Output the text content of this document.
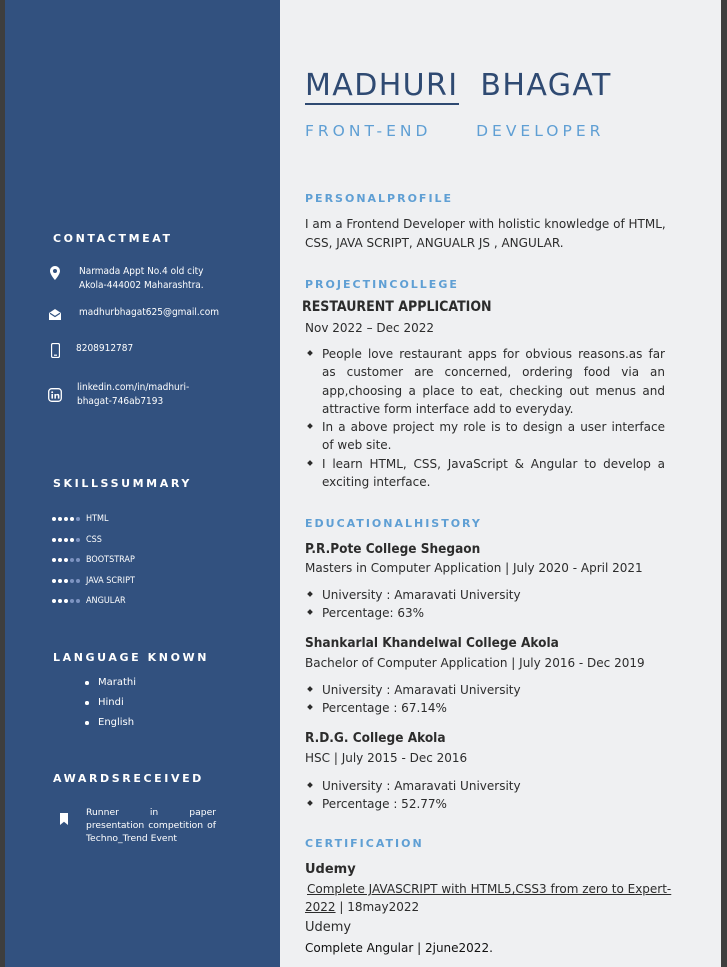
CONTACTMEAT
Narmada Appt No.4 old city
Akola-444002 Maharashtra.
madhurbhagat625@gmail.com
8208912787
linkedin.com/in/madhuri-
bhagat-746ab7193
SKILLSSUMMARY
HTML
CSS
BOOTSTRAP
JAVA SCRIPT
ANGULAR
LANGUAGE KNOWN
Marathi
Hindi
English
AWARDSRECEIVED
Runner in paper presentation competition of Techno_Trend Event
MADHURI BHAGAT
FRONT-END	DEVELOPER
PERSONALPROFILE
I am a Frontend Developer with holistic knowledge of HTML, CSS, JAVA SCRIPT, ANGUALR JS , ANGULAR.
PROJECTINCOLLEGE
RESTAURENT APPLICATION
Nov 2022 – Dec 2022
People love restaurant apps for obvious reasons.as far as customer are concerned, ordering food via an app,choosing a place to eat, checking out menus and attractive form interface add to everyday.
In a above project my role is to design a user interface of web site.
I learn HTML, CSS, JavaScript & Angular to develop a exciting interface.
EDUCATIONALHISTORY
P.R.Pote College Shegaon
Masters in Computer Application | July 2020 - April 2021
University : Amaravati University
Percentage: 63%
Shankarlal Khandelwal College Akola
Bachelor of Computer Application | July 2016 - Dec 2019
University : Amaravati University
Percentage : 67.14%
R.D.G. College Akola
HSC | July 2015 - Dec 2016
University : Amaravati University
Percentage : 52.77%
CERTIFICATION
Udemy
Complete JAVASCRIPT with HTML5,CSS3 from zero to Expert-
2022 | 18may2022
Udemy
Complete Angular | 2june2022.
